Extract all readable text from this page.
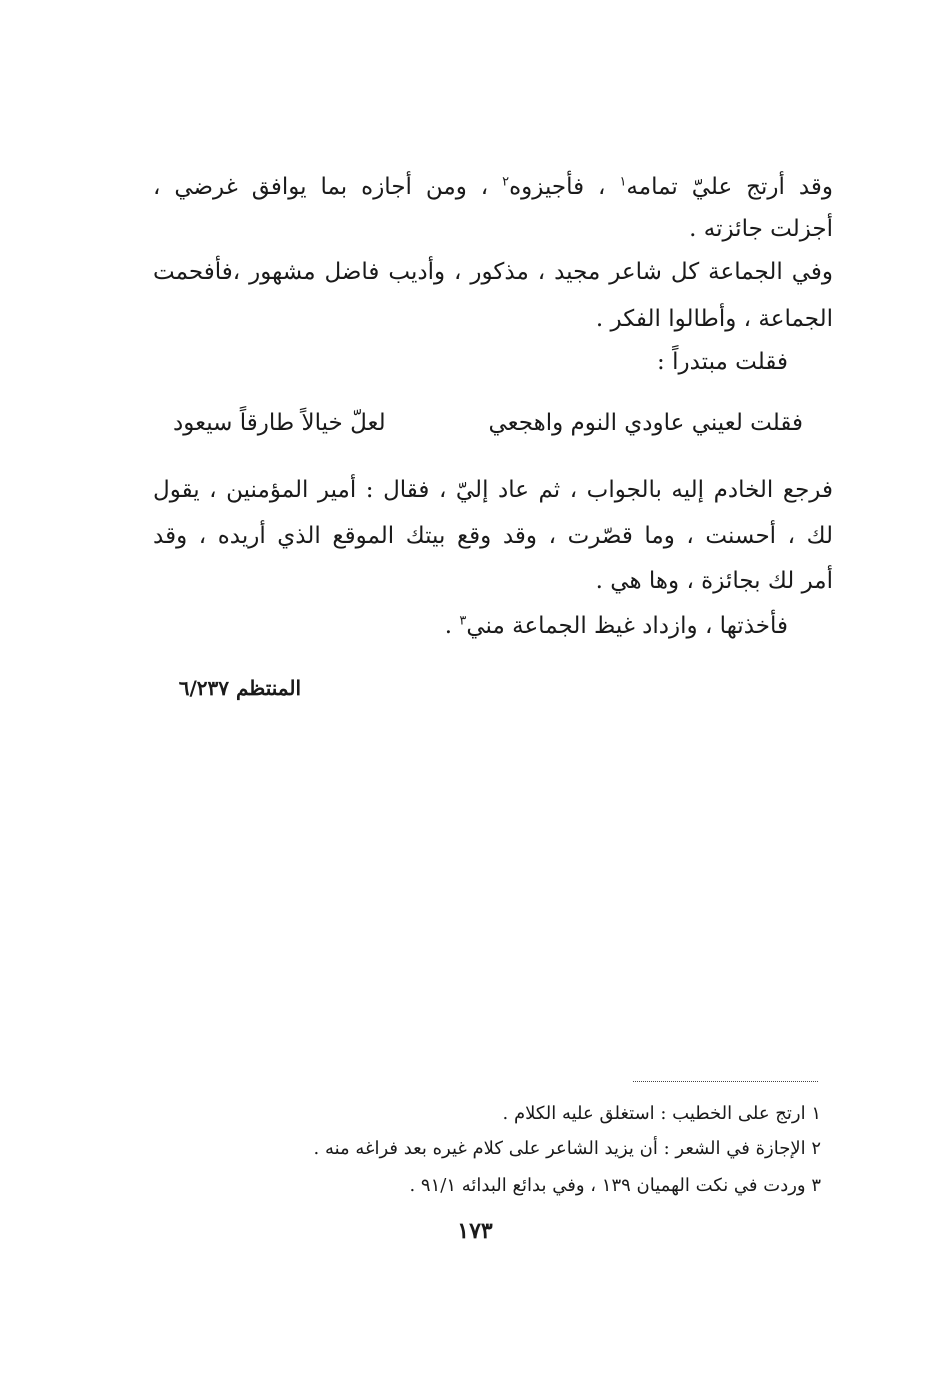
وقد أرتج عليّ تمامه$^١$ ، فأجيزوه$^٢$ ، ومن أجازه بما يوافق غرضي ،
أجزلت جائزته .
وفي الجماعة كل شاعر مجيد ، مذكور ، وأديب فاضل مشهور ،فأفحمت
الجماعة ، وأطالوا الفكر .
فقلت مبتدراً :
فقلت لعيني عاودي النوم واهجعي
لعلّ خيالاً طارقاً سيعود
فرجع الخادم إليه بالجواب ، ثم عاد إليّ ، فقال : أمير المؤمنين ، يقول
لك ، أحسنت ، وما قصّرت ، وقد وقع بيتك الموقع الذي أريده ، وقد
أمر لك بجائزة ، وها هي .
فأخذتها ، وازداد غيظ الجماعة مني$^٣$ .
المنتظم ٦/٢٣٧
١ ارتج على الخطيب : استغلق عليه الكلام .
٢ الإجازة في الشعر : أن يزيد الشاعر على كلام غيره بعد فراغه منه .
٣ وردت في نكت الهميان ١٣٩ ، وفي بدائع البدائه ٩١/١ .
١٧٣
